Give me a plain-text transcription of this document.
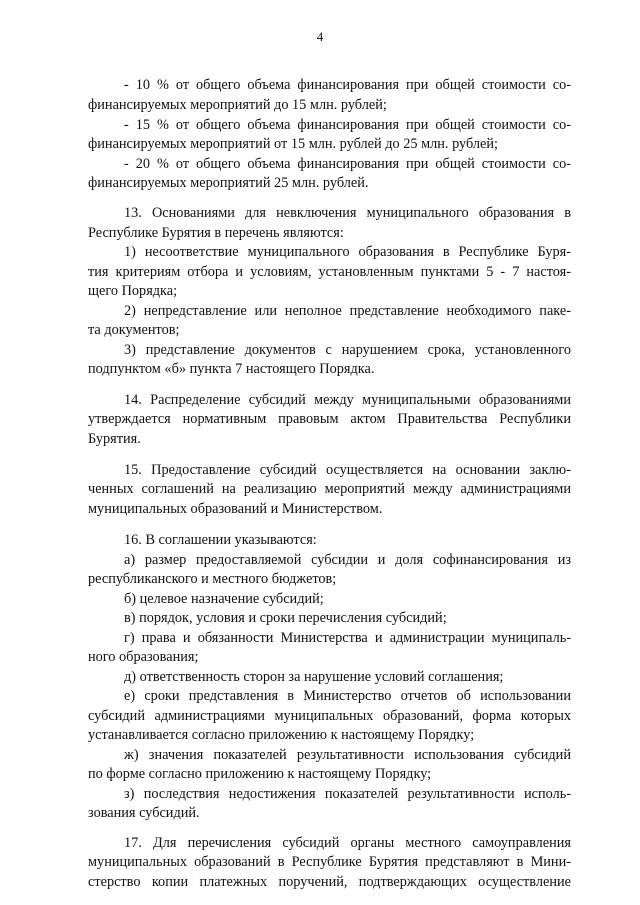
4
- 10 % от общего объема финансирования при общей стоимости со-
финансируемых мероприятий до 15 млн. рублей;
- 15 % от общего объема финансирования при общей стоимости со-
финансируемых мероприятий от 15 млн. рублей до 25 млн. рублей;
- 20 % от общего объема финансирования при общей стоимости со-
финансируемых мероприятий 25 млн. рублей.
13. Основаниями для невключения муниципального образования в
Республике Бурятия в перечень являются:
1) несоответствие муниципального образования в Республике Буря-
тия критериям отбора и условиям, установленным пунктами 5 - 7 настоя-
щего Порядка;
2) непредставление или неполное представление необходимого паке-
та документов;
3) представление документов с нарушением срока, установленного
подпунктом «б» пункта 7 настоящего Порядка.
14. Распределение субсидий между муниципальными образованиями
утверждается нормативным правовым актом Правительства Республики
Бурятия.
15. Предоставление субсидий осуществляется на основании заклю-
ченных соглашений на реализацию мероприятий между администрациями
муниципальных образований и Министерством.
16. В соглашении указываются:
а) размер предоставляемой субсидии и доля софинансирования из
республиканского и местного бюджетов;
б) целевое назначение субсидий;
в) порядок, условия и сроки перечисления субсидий;
г) права и обязанности Министерства и администрации муниципаль-
ного образования;
д) ответственность сторон за нарушение условий соглашения;
е) сроки представления в Министерство отчетов об использовании
субсидий администрациями муниципальных образований, форма которых
устанавливается согласно приложению к настоящему Порядку;
ж) значения показателей результативности использования субсидий
по форме согласно приложению к настоящему Порядку;
з) последствия недостижения показателей результативности исполь-
зования субсидий.
17. Для перечисления субсидий органы местного самоуправления
муниципальных образований в Республике Бурятия представляют в Мини-
стерство копии платежных поручений, подтверждающих осуществление
